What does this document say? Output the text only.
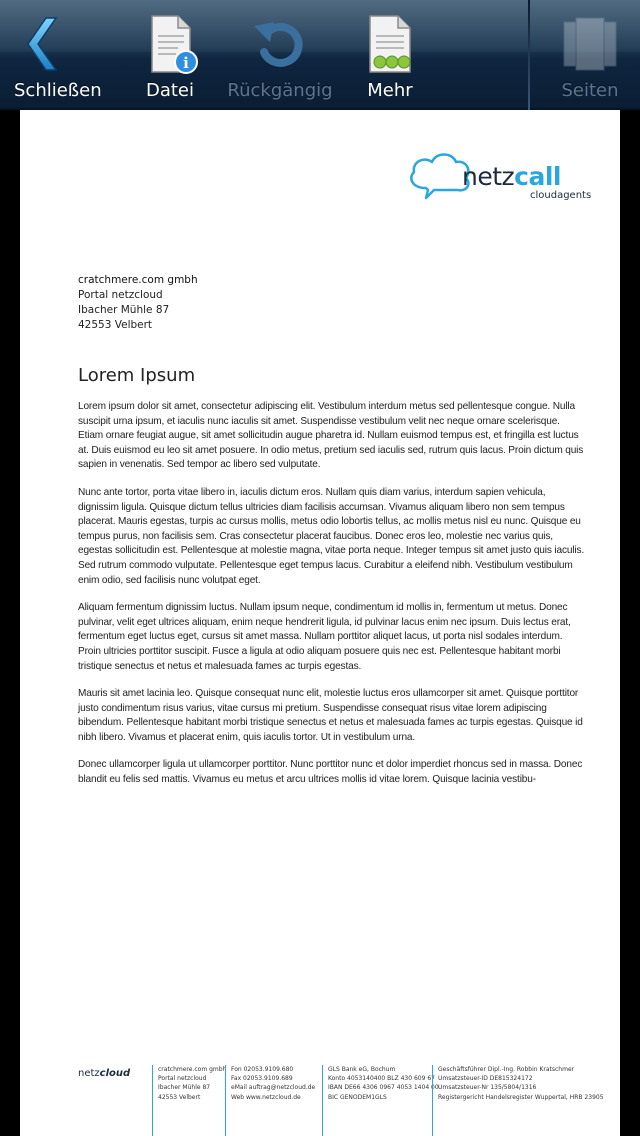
Schließen
i
Datei	Rückgängig	Mehr	Seiten
netzcall
cloudagents
cratchmere.com gmbh
Portal netzcloud
Ibacher Mühle 87
42553 Velbert
Lorem Ipsum

Lorem ipsum dolor sit amet, consectetur adipiscing elit. Vestibulum interdum metus sed pellentesque congue. Nulla suscipit urna ipsum, et iaculis nunc iaculis sit amet. Suspendisse vestibulum velit nec neque ornare scelerisque. Etiam ornare feugiat augue, sit amet sollicitudin augue pharetra id. Nullam euismod tempus est, et fringilla est luctus at. Duis euismod eu leo sit amet posuere. In odio metus, pretium sed iaculis sed, rutrum quis lacus. Proin dictum quis sapien in venenatis. Sed tempor ac libero sed vulputate.

Nunc ante tortor, porta vitae libero in, iaculis dictum eros. Nullam quis diam varius, interdum sapien vehicula, dignissim ligula. Quisque dictum tellus ultricies diam facilisis accumsan. Vivamus aliquam libero non sem tempus placerat. Mauris egestas, turpis ac cursus mollis, metus odio lobortis tellus, ac mollis metus nisl eu nunc. Quisque eu tempus purus, non facilisis sem. Cras consectetur placerat faucibus. Donec eros leo, molestie nec varius quis, egestas sollicitudin est. Pellentesque at molestie magna, vitae porta neque. Integer tempus sit amet justo quis iaculis. Sed rutrum commodo vulputate. Pellentesque eget tempus lacus. Curabitur a eleifend nibh. Vestibulum vestibulum enim odio, sed facilisis nunc volutpat eget.

Aliquam fermentum dignissim luctus. Nullam ipsum neque, condimentum id mollis in, fermentum ut metus. Donec pulvinar, velit eget ultrices aliquam, enim neque hendrerit ligula, id pulvinar lacus enim nec ipsum. Duis lectus erat, fermentum eget luctus eget, cursus sit amet massa. Nullam porttitor aliquet lacus, ut porta nisl sodales interdum. Proin ultricies porttitor suscipit. Fusce a ligula at odio aliquam posuere quis nec est. Pellentesque habitant morbi tristique senectus et netus et malesuada fames ac turpis egestas.

Mauris sit amet lacinia leo. Quisque consequat nunc elit, molestie luctus eros ullamcorper sit amet. Quisque porttitor justo condimentum risus varius, vitae cursus mi pretium. Suspendisse consequat risus vitae lorem adipiscing bibendum. Pellentesque habitant morbi tristique senectus et netus et malesuada fames ac turpis egestas. Quisque id nibh libero. Vivamus et placerat enim, quis iaculis tortor. Ut in vestibulum urna.

Donec ullamcorper ligula ut ullamcorper porttitor. Nunc porttitor nunc et dolor imperdiet rhoncus sed in massa. Donec blandit eu felis sed mattis. Vivamus eu metus et arcu ultrices mollis id vitae lorem. Quisque lacinia vestibu-

netzcloud	cratchmere.com gmbh
Portal netzcloud
Ibacher Mühle 87
42553 Velbert
Fon 02053.9109.680
Fax 02053.9109.689
eMail auftrag@netzcloud.de
Web www.netzcloud.de
GLS Bank eG, Bochum
Konto 4053140400 BLZ 430 609 67
IBAN DE66 4306 0967 4053 1404 00
BIC GENODEM1GLS
Geschäftsführer Dipl.-Ing. Robbin Kratschmer
Umsatzsteuer-ID DE815324172
Umsatzsteuer-Nr 135/5804/1316
Registergericht Handelsregister Wuppertal, HRB 23905
